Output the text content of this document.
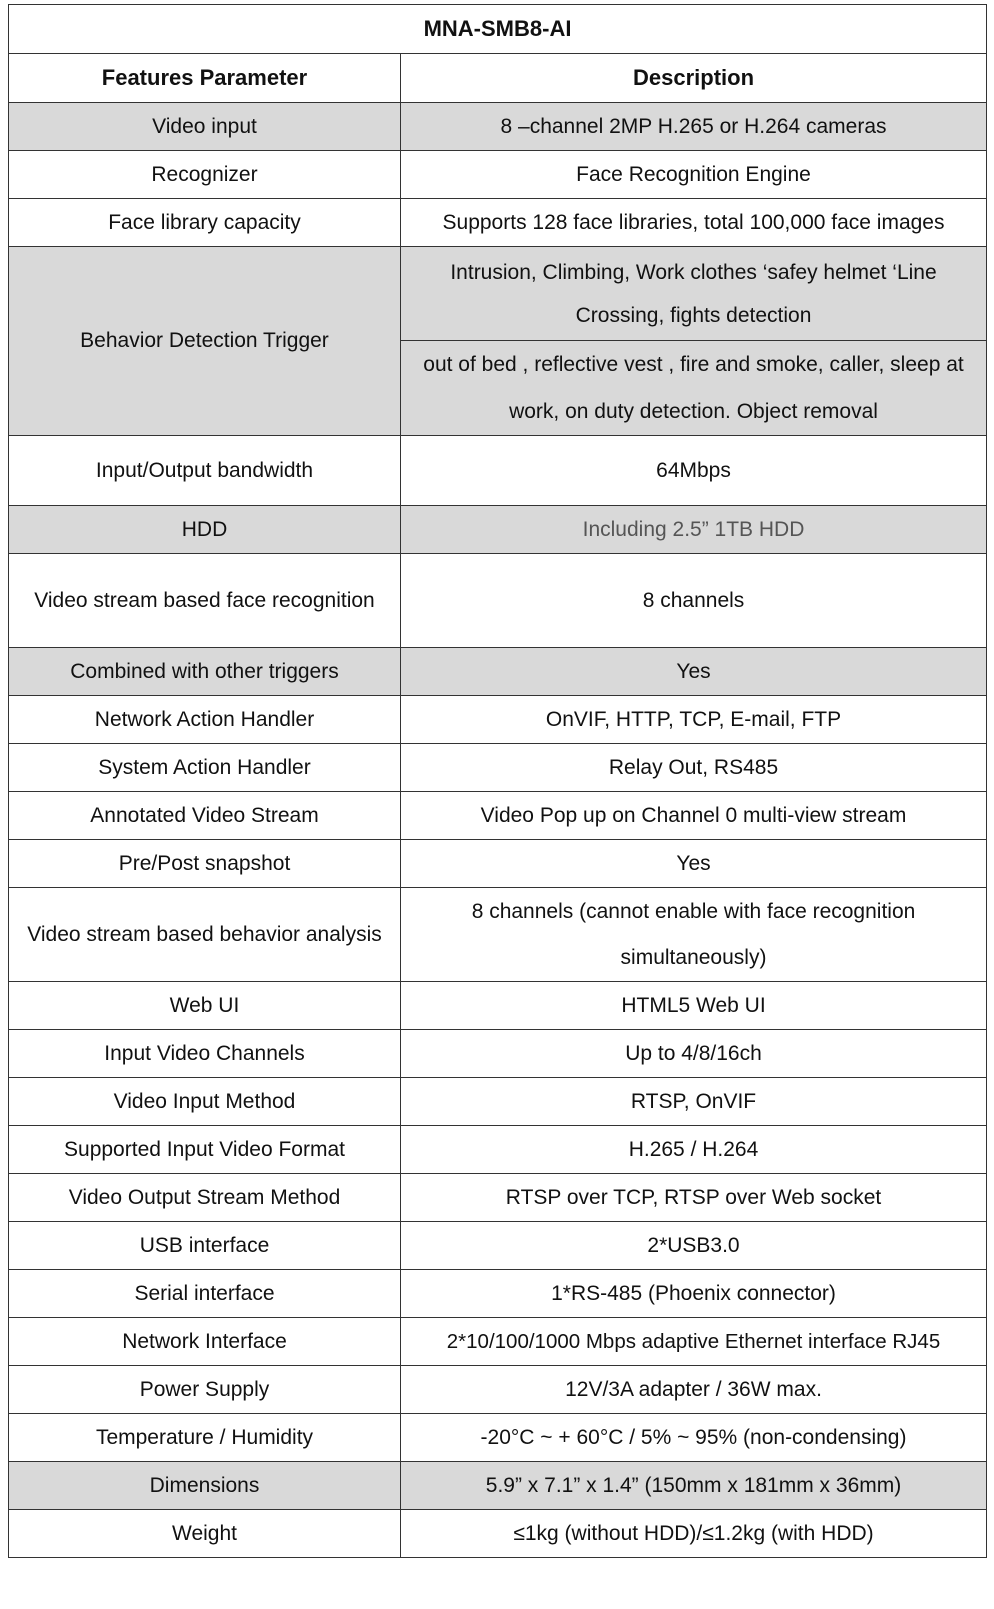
MNA-SMB8-AI	
Features Parameter	Description
Video input	8 –channel 2MP H.265 or H.264 cameras
Recognizer	Face Recognition Engine
Face library capacity	Supports 128 face libraries, total 100,000 face images
Behavior Detection Trigger	Intrusion, Climbing, Work clothes ‘safey helmet ‘Line Crossing, fights detection
	out of bed , reflective vest , fire and smoke, caller, sleep at work, on duty detection. Object removal
Input/Output bandwidth	64Mbps
HDD	Including 2.5” 1TB HDD
Video stream based face recognition	8 channels
Combined with other triggers	Yes
Network Action Handler	OnVIF, HTTP, TCP, E-mail, FTP
System Action Handler	Relay Out, RS485
Annotated Video Stream	Video Pop up on Channel 0 multi-view stream
Pre/Post snapshot	Yes
Video stream based behavior analysis	8 channels (cannot enable with face recognition simultaneously)
Web UI	HTML5 Web UI
Input Video Channels	Up to 4/8/16ch
Video Input Method	RTSP, OnVIF
Supported Input Video Format	H.265 / H.264
Video Output Stream Method	RTSP over TCP, RTSP over Web socket
USB interface	2*USB3.0
Serial interface	1*RS-485 (Phoenix connector)
Network Interface	2*10/100/1000 Mbps adaptive Ethernet interface RJ45
Power Supply	12V/3A adapter / 36W max.
Temperature / Humidity	-20°C ~ + 60°C / 5% ~ 95% (non-condensing)
Dimensions	5.9” x 7.1” x 1.4” (150mm x 181mm x 36mm)
Weight	≤1kg (without HDD)/≤1.2kg (with HDD)
